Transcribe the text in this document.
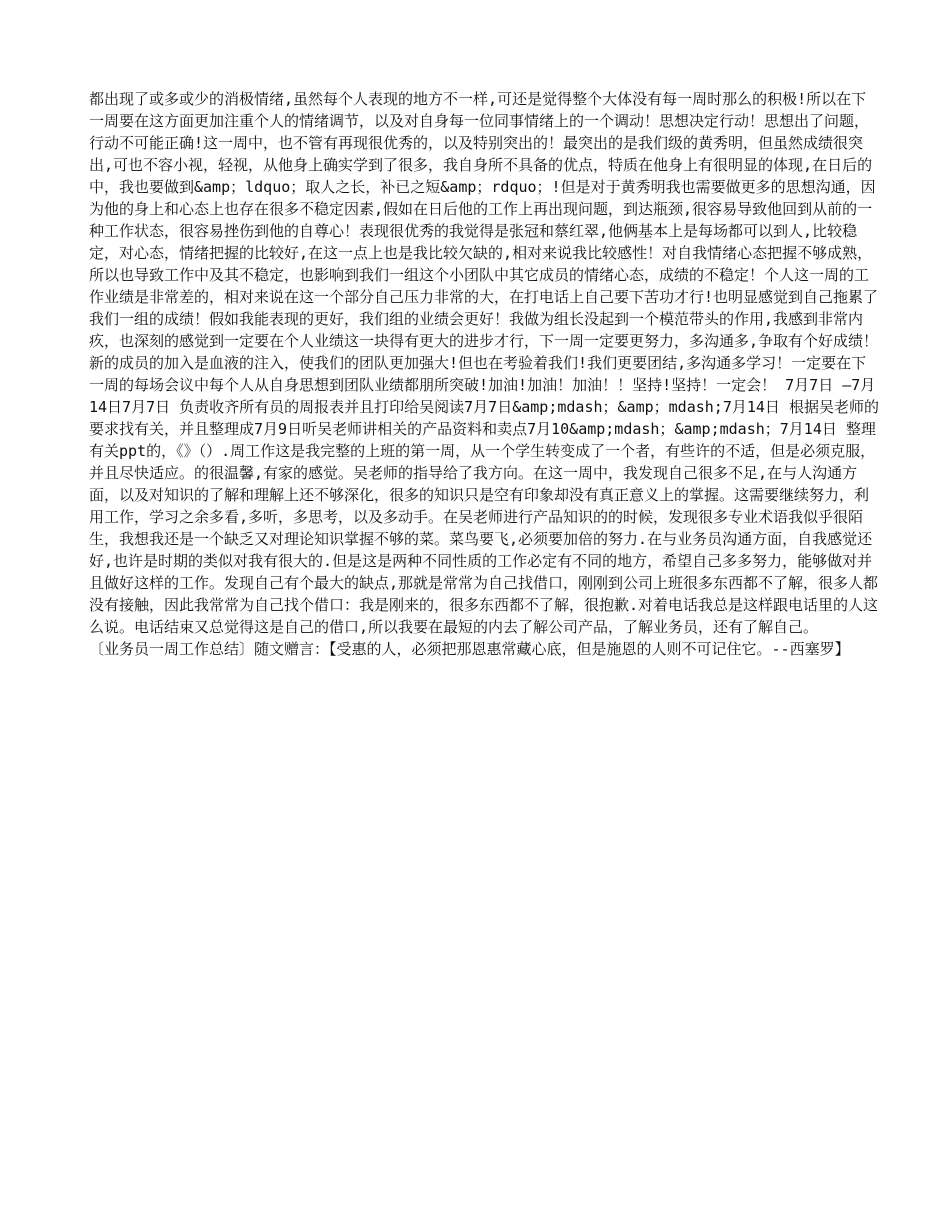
都出现了或多或少的消极情绪,虽然每个人表现的地方不一样,可还是觉得整个大体没有每一周时那么的积极!所以在下一周要在这方面更加注重个人的情绪调节，以及对自身每一位同事情绪上的一个调动！思想决定行动！思想出了问题，行动不可能正确!这一周中，也不管有再现很优秀的，以及特别突出的！最突出的是我们级的黄秀明，但虽然成绩很突出,可也不容小视，轻视，从他身上确实学到了很多，我自身所不具备的优点，特质在他身上有很明显的体现,在日后的中，我也要做到&amp；ldquo；取人之长，补已之短&amp；rdquo；!但是对于黄秀明我也需要做更多的思想沟通，因为他的身上和心态上也存在很多不稳定因素,假如在日后他的工作上再出现问题，到达瓶颈,很容易导致他回到从前的一种工作状态，很容易挫伤到他的自尊心！表现很优秀的我觉得是张冠和蔡红翠,他俩基本上是每场都可以到人,比较稳定，对心态，情绪把握的比较好,在这一点上也是我比较欠缺的,相对来说我比较感性！对自我情绪心态把握不够成熟，所以也导致工作中及其不稳定，也影响到我们一组这个小团队中其它成员的情绪心态，成绩的不稳定！个人这一周的工作业绩是非常差的，相对来说在这一个部分自己压力非常的大，在打电话上自己要下苦功才行!也明显感觉到自己拖累了我们一组的成绩！假如我能表现的更好，我们组的业绩会更好！我做为组长没起到一个模范带头的作用,我感到非常内疚，也深刻的感觉到一定要在个人业绩这一块得有更大的进步才行，下一周一定要更努力，多沟通多,争取有个好成绩！新的成员的加入是血液的注入，使我们的团队更加强大!但也在考验着我们!我们更要团结,多沟通多学习！一定要在下一周的每场会议中每个人从自身思想到团队业绩都朋所突破!加油!加油！加油！！坚持!坚持！一定会！ 7月7日 —7月14日7月7日 负责收齐所有员的周报表并且打印给吴阅读7月7日&amp;mdash；&amp；mdash;7月14日 根据吴老师的要求找有关，并且整理成7月9日听吴老师讲相关的产品资料和卖点7月10&amp;mdash；&amp;mdash；7月14日 整理有关ppt的，《》（）.周工作这是我完整的上班的第一周，从一个学生转变成了一个者，有些许的不适，但是必须克服，并且尽快适应。的很温馨,有家的感觉。吴老师的指导给了我方向。在这一周中，我发现自己很多不足,在与人沟通方面，以及对知识的了解和理解上还不够深化，很多的知识只是空有印象却没有真正意义上的掌握。这需要继续努力，利用工作，学习之余多看,多听，多思考，以及多动手。在吴老师进行产品知识的的时候，发现很多专业术语我似乎很陌生，我想我还是一个缺乏又对理论知识掌握不够的菜。菜鸟要飞,必须要加倍的努力.在与业务员沟通方面，自我感觉还好,也许是时期的类似对我有很大的.但是这是两种不同性质的工作必定有不同的地方，希望自己多多努力，能够做对并且做好这样的工作。发现自己有个最大的缺点,那就是常常为自己找借口，刚刚到公司上班很多东西都不了解，很多人都没有接触，因此我常常为自己找个借口：我是刚来的，很多东西都不了解，很抱歉.对着电话我总是这样跟电话里的人这么说。电话结束又总觉得这是自己的借口,所以我要在最短的内去了解公司产品，了解业务员，还有了解自己。

〔业务员一周工作总结〕随文赠言：【受惠的人，必须把那恩惠常藏心底，但是施恩的人则不可记住它。--西塞罗】
